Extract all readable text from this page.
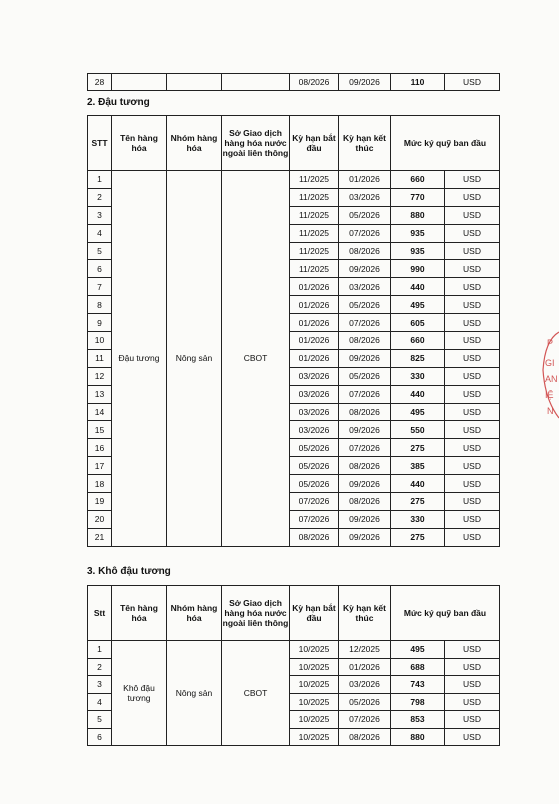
28				08/2026	09/2026	110	USD
2. Đậu tương
STT	Tên hàng hóa	Nhóm hàng hóa	Sở Giao dịch hàng hóa nước ngoài liên thông	Kỳ hạn bắt đầu	Kỳ hạn kết thúc	Mức ký quỹ ban đầu	
1	Đậu tương	Nông sản	CBOT	11/2025	01/2026	660	USD
2				11/2025	03/2026	770	USD
3				11/2025	05/2026	880	USD
4				11/2025	07/2026	935	USD
5				11/2025	08/2026	935	USD
6				11/2025	09/2026	990	USD
7				01/2026	03/2026	440	USD
8				01/2026	05/2026	495	USD
9				01/2026	07/2026	605	USD
10				01/2026	08/2026	660	USD
11				01/2026	09/2026	825	USD
12				03/2026	05/2026	330	USD
13				03/2026	07/2026	440	USD
14				03/2026	08/2026	495	USD
15				03/2026	09/2026	550	USD
16				05/2026	07/2026	275	USD
17				05/2026	08/2026	385	USD
18				05/2026	09/2026	440	USD
19				07/2026	08/2026	275	USD
20				07/2026	09/2026	330	USD
21				08/2026	09/2026	275	USD
3. Khô đậu tương
Stt	Tên hàng hóa	Nhóm hàng hóa	Sở Giao dịch hàng hóa nước ngoài liên thông	Kỳ hạn bắt đầu	Kỳ hạn kết thúc	Mức ký quỹ ban đầu	
1	Khô đậu tương	Nông sản	CBOT	10/2025	12/2025	495	USD
2				10/2025	01/2026	688	USD
3				10/2025	03/2026	743	USD
4				10/2025	05/2026	798	USD
5				10/2025	07/2026	853	USD
6				10/2025	08/2026	880	USD
P
GI
AN
IỆ
N
